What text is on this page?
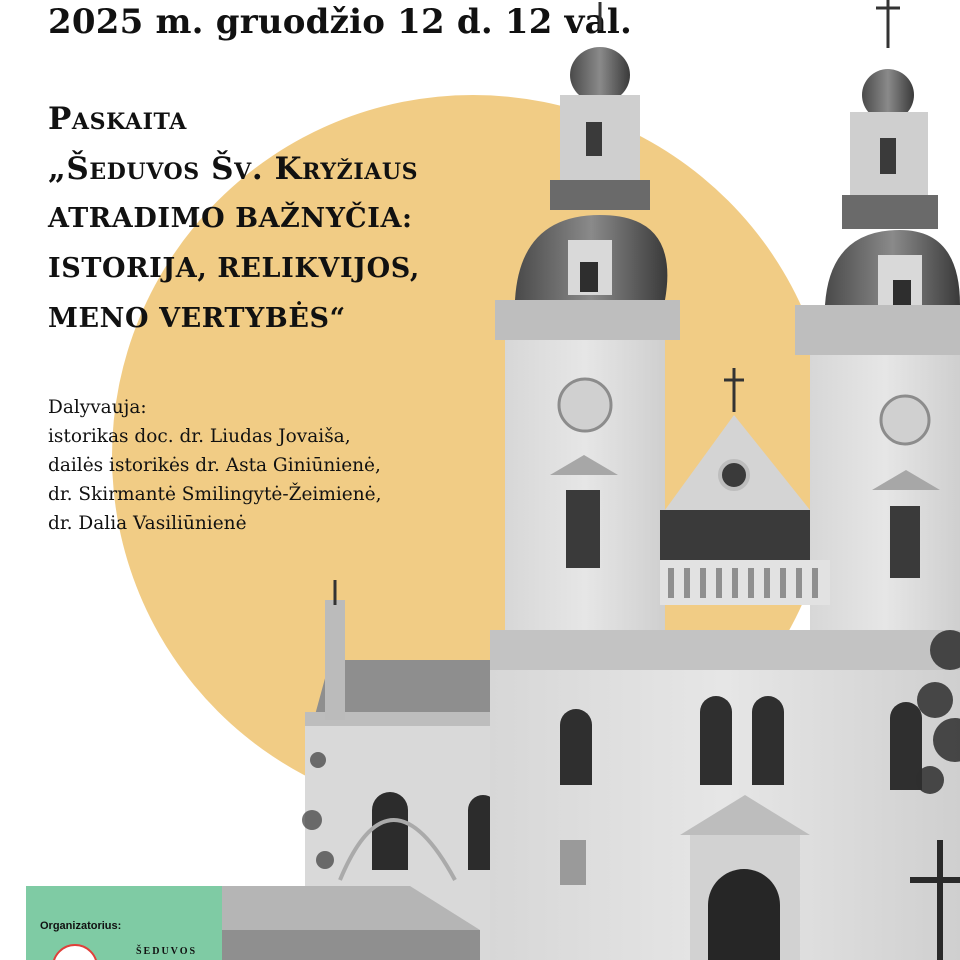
2025 m. gruodžio 12 d. 12 val.
Paskaita
„Šeduvos Šv. Kryžiaus
ATRADIMO BAŽNYČIA:
ISTORIJA, RELIKVIJOS,
MENO VERTYBĖS“
Dalyvauja:
istorikas doc. dr. Liudas Jovaiša,
dailės istorikės dr. Asta Giniūnienė,
dr. Skirmantė Smilingytė-Žeimienė,
dr. Dalia Vasiliūnienė
Organizatorius:
ŠEDUVOS
